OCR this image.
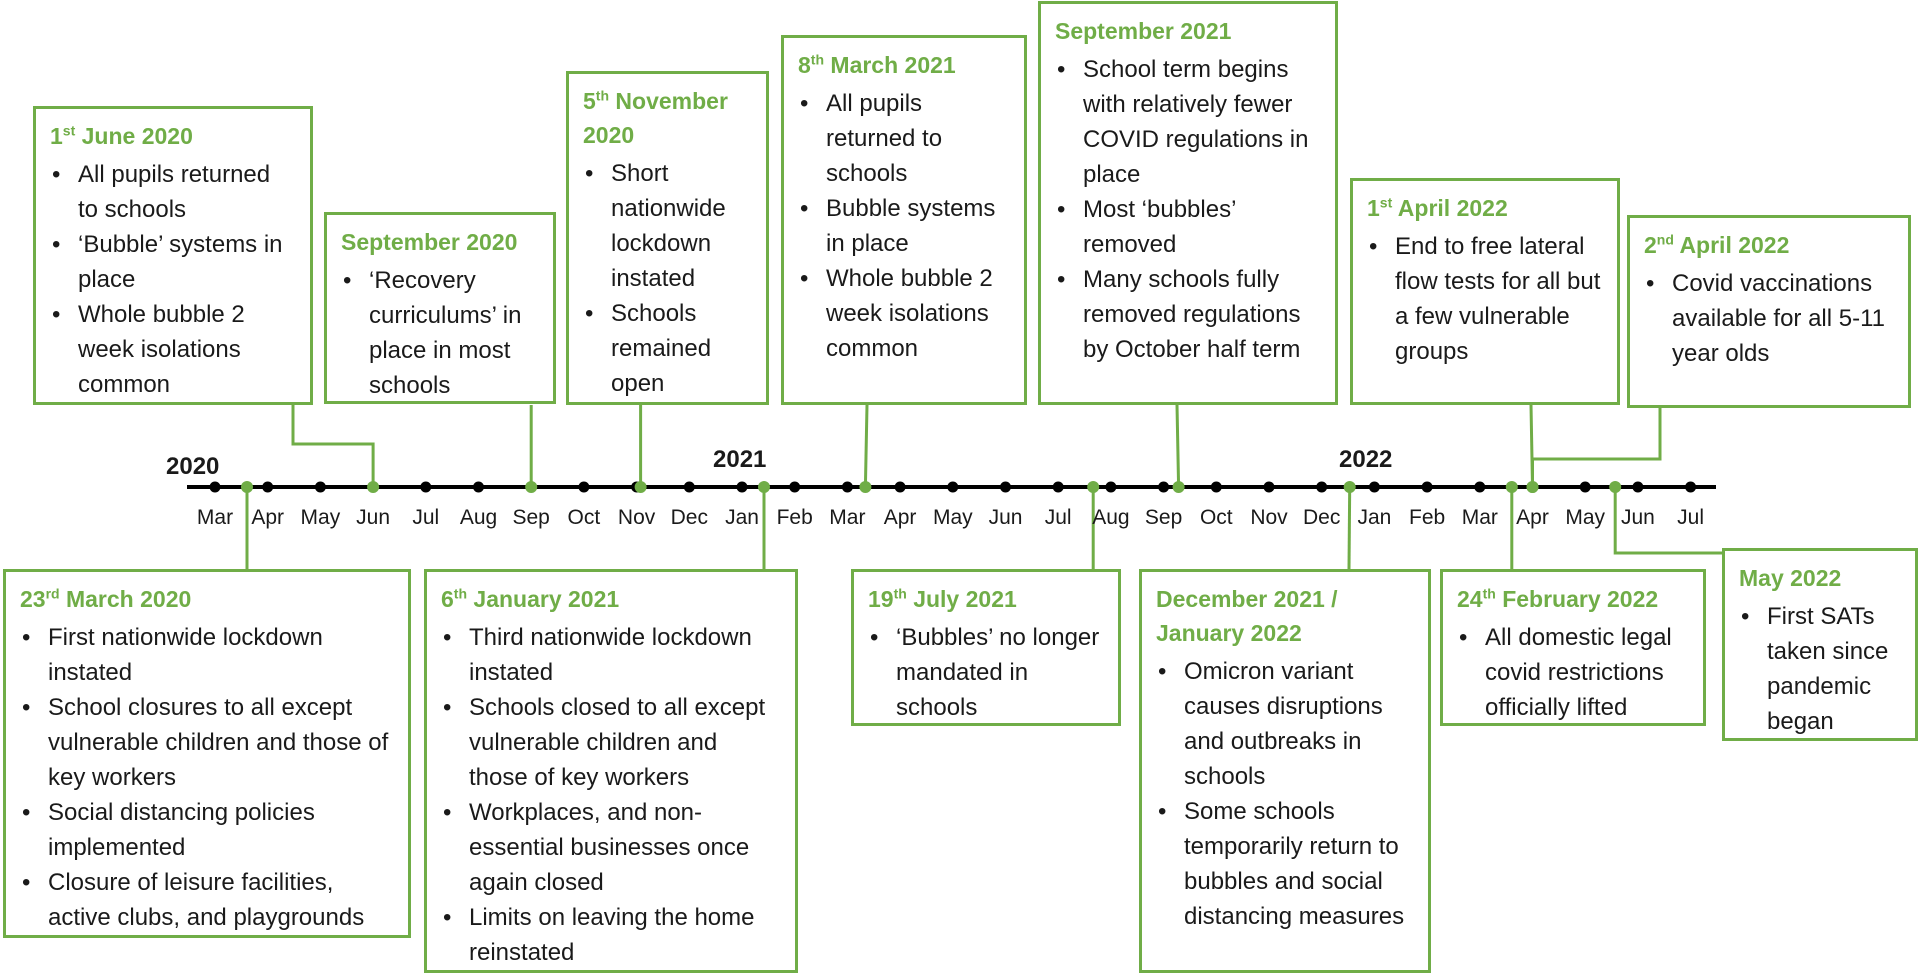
2020	2021	2022
Mar Apr May Jun Jul Aug Sep Oct Nov Dec Jan Feb Mar Apr May Jun Jul Aug Sep Oct Nov Dec Jan Feb Mar Apr May Jun Jul
1st June 2020
• All pupils returned to schools
• ‘Bubble’ systems in place
• Whole bubble 2 week isolations common
September 2020
• ‘Recovery curriculums’ in place in most schools
5th November 2020
• Short nationwide lockdown instated
• Schools remained open
8th March 2021
• All pupils returned to schools
• Bubble systems in place
• Whole bubble 2 week isolations common
September 2021
• School term begins with relatively fewer COVID regulations in place
• Most ‘bubbles’ removed
• Many schools fully removed regulations by October half term
1st April 2022
• End to free lateral flow tests for all but a few vulnerable groups
2nd April 2022
• Covid vaccinations available for all 5-11 year olds
23rd March 2020
• First nationwide lockdown instated
• School closures to all except vulnerable children and those of key workers
• Social distancing policies implemented
• Closure of leisure facilities, active clubs, and playgrounds
6th January 2021
• Third nationwide lockdown instated
• Schools closed to all except vulnerable children and those of key workers
• Workplaces, and non-essential businesses once again closed
• Limits on leaving the home reinstated
19th July 2021
• ‘Bubbles’ no longer mandated in schools
December 2021 / January 2022
• Omicron variant causes disruptions and outbreaks in schools
• Some schools temporarily return to bubbles and social distancing measures
24th February 2022
• All domestic legal covid restrictions officially lifted
May 2022
• First SATs taken since pandemic began
